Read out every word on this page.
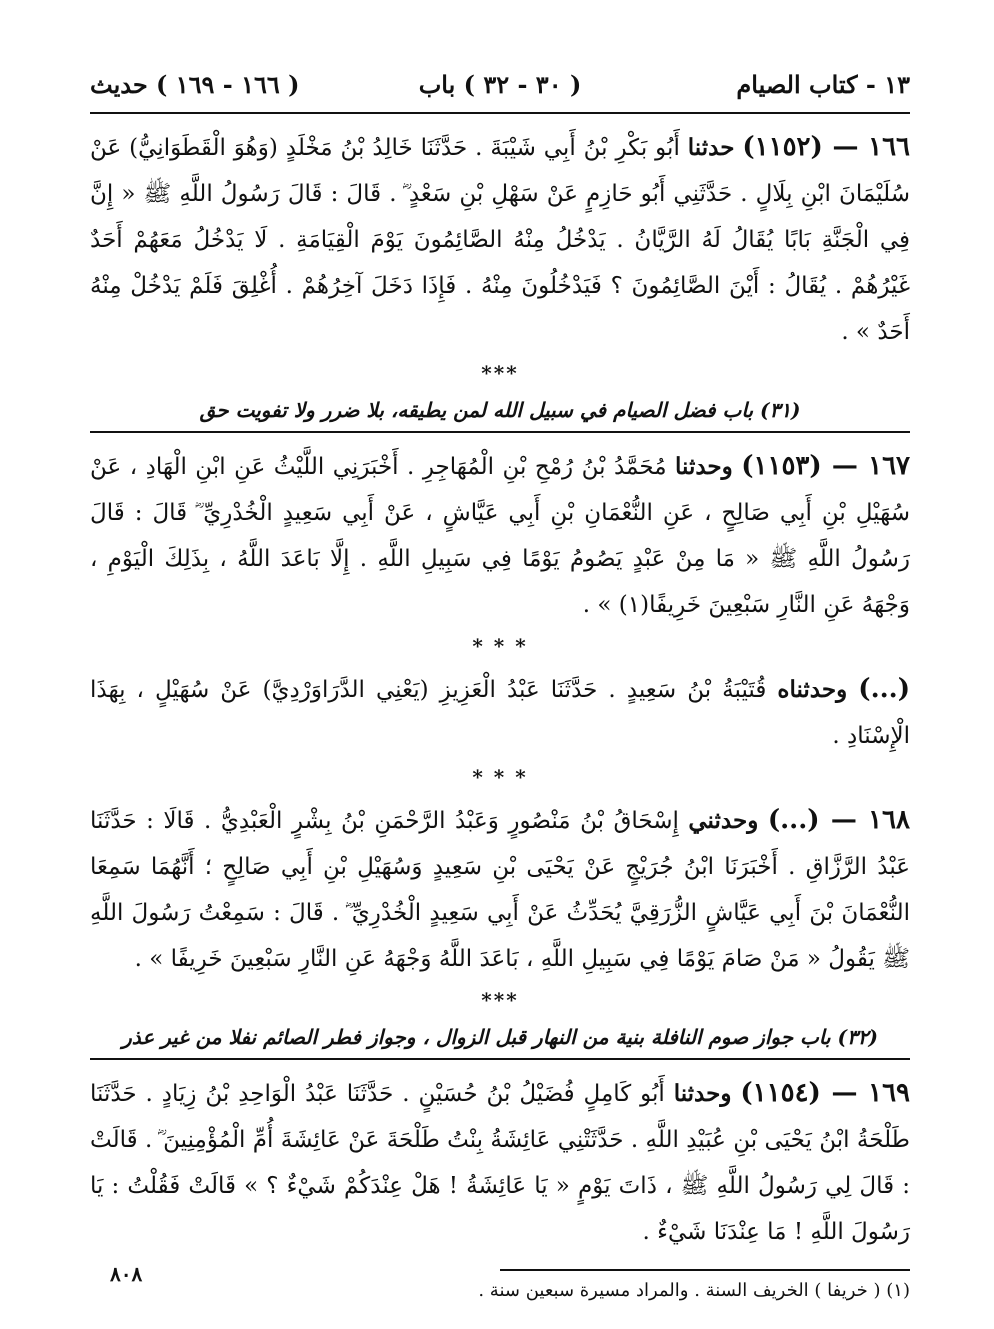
١٣ - كتاب الصيام
( ٣٠ - ٣٢ ) باب
( ١٦٦ - ١٦٩ ) حديث

١٦٦ — (١١٥٢) حدثنا أَبُو بَكْرِ بْنُ أَبِي شَيْبَةَ . حَدَّثَنَا خَالِدُ بْنُ مَخْلَدٍ (وَهُوَ الْقَطَوَانِيُّ) عَنْ سُلَيْمَانَ ابْنِ بِلَالٍ . حَدَّثَنِي أَبُو حَازِمٍ عَنْ سَهْلِ بْنِ سَعْدٍ ؓ . قَالَ : قَالَ رَسُولُ اللَّهِ ﷺ « إِنَّ فِي الْجَنَّةِ بَابًا يُقَالُ لَهُ الرَّيَّانُ . يَدْخُلُ مِنْهُ الصَّائِمُونَ يَوْمَ الْقِيَامَةِ . لَا يَدْخُلُ مَعَهُمْ أَحَدٌ غَيْرُهُمْ . يُقَالُ : أَيْنَ الصَّائِمُونَ ؟ فَيَدْخُلُونَ مِنْهُ . فَإِذَا دَخَلَ آخِرُهُمْ . أُغْلِقَ فَلَمْ يَدْخُلْ مِنْهُ أَحَدٌ » .

***
(٣١) باب فضل الصيام في سبيل الله لمن يطيقه، بلا ضرر ولا تفويت حق

١٦٧ — (١١٥٣) وحدثنا مُحَمَّدُ بْنُ رُمْحِ بْنِ الْمُهَاجِرِ . أَخْبَرَنِي اللَّيْثُ عَنِ ابْنِ الْهَادِ ، عَنْ سُهَيْلِ بْنِ أَبِي صَالِحٍ ، عَنِ النُّعْمَانِ بْنِ أَبِي عَيَّاشٍ ، عَنْ أَبِي سَعِيدٍ الْخُدْرِيِّ ؓ قَالَ : قَالَ رَسُولُ اللَّهِ ﷺ « مَا مِنْ عَبْدٍ يَصُومُ يَوْمًا فِي سَبِيلِ اللَّهِ . إِلَّا بَاعَدَ اللَّهُ ، بِذَلِكَ الْيَوْمِ ، وَجْهَهُ عَنِ النَّارِ سَبْعِينَ خَرِيفًا(١) » .

* * *

(...) وحدثناه قُتَيْبَةُ بْنُ سَعِيدٍ . حَدَّثَنَا عَبْدُ الْعَزِيزِ (يَعْنِي الدَّرَاوَرْدِيَّ) عَنْ سُهَيْلٍ ، بِهَذَا الْإِسْنَادِ .

* * *

١٦٨ — (...) وحدثني إِسْحَاقُ بْنُ مَنْصُورٍ وَعَبْدُ الرَّحْمَنِ بْنُ بِشْرٍ الْعَبْدِيُّ . قَالَا : حَدَّثَنَا عَبْدُ الرَّزَّاقِ . أَخْبَرَنَا ابْنُ جُرَيْجٍ عَنْ يَحْيَى بْنِ سَعِيدٍ وَسُهَيْلِ بْنِ أَبِي صَالِحٍ ؛ أَنَّهُمَا سَمِعَا النُّعْمَانَ بْنَ أَبِي عَيَّاشٍ الزُّرَقِيَّ يُحَدِّثُ عَنْ أَبِي سَعِيدٍ الْخُدْرِيِّ ؓ . قَالَ : سَمِعْتُ رَسُولَ اللَّهِ ﷺ يَقُولُ « مَنْ صَامَ يَوْمًا فِي سَبِيلِ اللَّهِ ، بَاعَدَ اللَّهُ وَجْهَهُ عَنِ النَّارِ سَبْعِينَ خَرِيفًا » .

***
(٣٢) باب جواز صوم النافلة بنية من النهار قبل الزوال ، وجواز فطر الصائم نفلا من غير عذر

١٦٩ — (١١٥٤) وحدثنا أَبُو كَامِلٍ فُضَيْلُ بْنُ حُسَيْنٍ . حَدَّثَنَا عَبْدُ الْوَاحِدِ بْنُ زِيَادٍ . حَدَّثَنَا طَلْحَةُ ابْنُ يَحْيَى بْنِ عُبَيْدِ اللَّهِ . حَدَّثَتْنِي عَائِشَةُ بِنْتُ طَلْحَةَ عَنْ عَائِشَةَ أُمِّ الْمُؤْمِنِينَ ؓ . قَالَتْ : قَالَ لِي رَسُولُ اللَّهِ ﷺ ، ذَاتَ يَوْمٍ « يَا عَائِشَةُ ! هَلْ عِنْدَكُمْ شَيْءٌ ؟ » قَالَتْ فَقُلْتُ : يَا رَسُولَ اللَّهِ ! مَا عِنْدَنَا شَيْءٌ .

(١) ( خريفا ) الخريف السنة . والمراد مسيرة سبعين سنة .
٨٠٨
